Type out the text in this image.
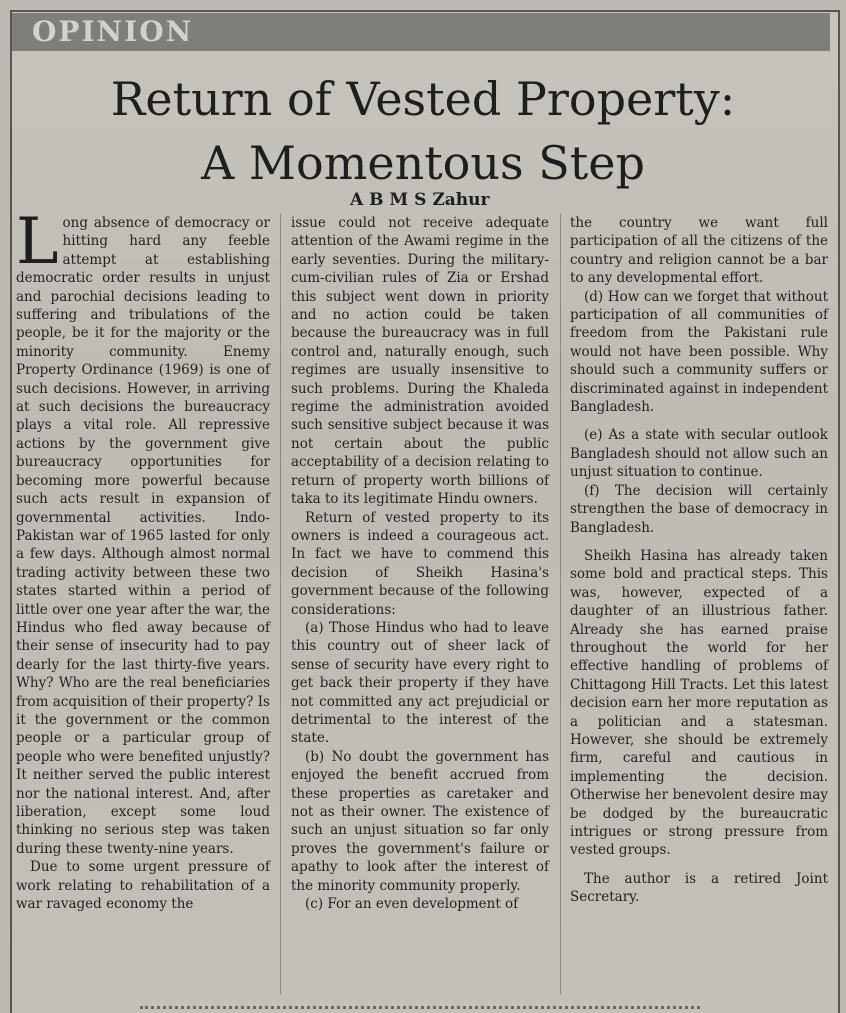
OPINION
Return of Vested Property:
A Momentous Step
A B M S Zahur

Long absence of democracy or hitting hard any feeble attempt at establishing democratic order results in unjust and parochial decisions leading to suffering and tribulations of the people, be it for the majority or the minority community. Enemy Property Ordinance (1969) is one of such decisions. However, in arriving at such decisions the bureaucracy plays a vital role. All repressive actions by the government give bureaucracy opportunities for becoming more powerful because such acts result in expansion of governmental activities. Indo-Pakistan war of 1965 lasted for only a few days. Although almost normal trading activity between these two states started within a period of little over one year after the war, the Hindus who fled away because of their sense of insecurity had to pay dearly for the last thirty-five years. Why? Who are the real beneficiaries from acquisition of their property? Is it the government or the common people or a particular group of people who were benefited unjustly? It neither served the public interest nor the national interest. And, after liberation, except some loud thinking no serious step was taken during these twenty-nine years.

Due to some urgent pressure of work relating to rehabilitation of a war ravaged economy the

issue could not receive adequate attention of the Awami regime in the early seventies. During the military-cum-civilian rules of Zia or Ershad this subject went down in priority and no action could be taken because the bureaucracy was in full control and, naturally enough, such regimes are usually insensitive to such problems. During the Khaleda regime the administration avoided such sensitive subject because it was not certain about the public acceptability of a decision relating to return of property worth billions of taka to its legitimate Hindu owners.

Return of vested property to its owners is indeed a courageous act. In fact we have to commend this decision of Sheikh Hasina's government because of the following considerations:

(a) Those Hindus who had to leave this country out of sheer lack of sense of security have every right to get back their property if they have not committed any act prejudicial or detrimental to the interest of the state.

(b) No doubt the government has enjoyed the benefit accrued from these properties as caretaker and not as their owner. The existence of such an unjust situation so far only proves the government's failure or apathy to look after the interest of the minority community properly.

(c) For an even development of

the country we want full participation of all the citizens of the country and religion cannot be a bar to any developmental effort.

(d) How can we forget that without participation of all communities of freedom from the Pakistani rule would not have been possible. Why should such a community suffers or discriminated against in independent Bangladesh.

(e) As a state with secular outlook Bangladesh should not allow such an unjust situation to continue.

(f) The decision will certainly strengthen the base of democracy in Bangladesh.

Sheikh Hasina has already taken some bold and practical steps. This was, however, expected of a daughter of an illustrious father. Already she has earned praise throughout the world for her effective handling of problems of Chittagong Hill Tracts. Let this latest decision earn her more reputation as a politician and a statesman. However, she should be extremely firm, careful and cautious in implementing the decision. Otherwise her benevolent desire may be dodged by the bureaucratic intrigues or strong pressure from vested groups.

The author is a retired Joint Secretary.
